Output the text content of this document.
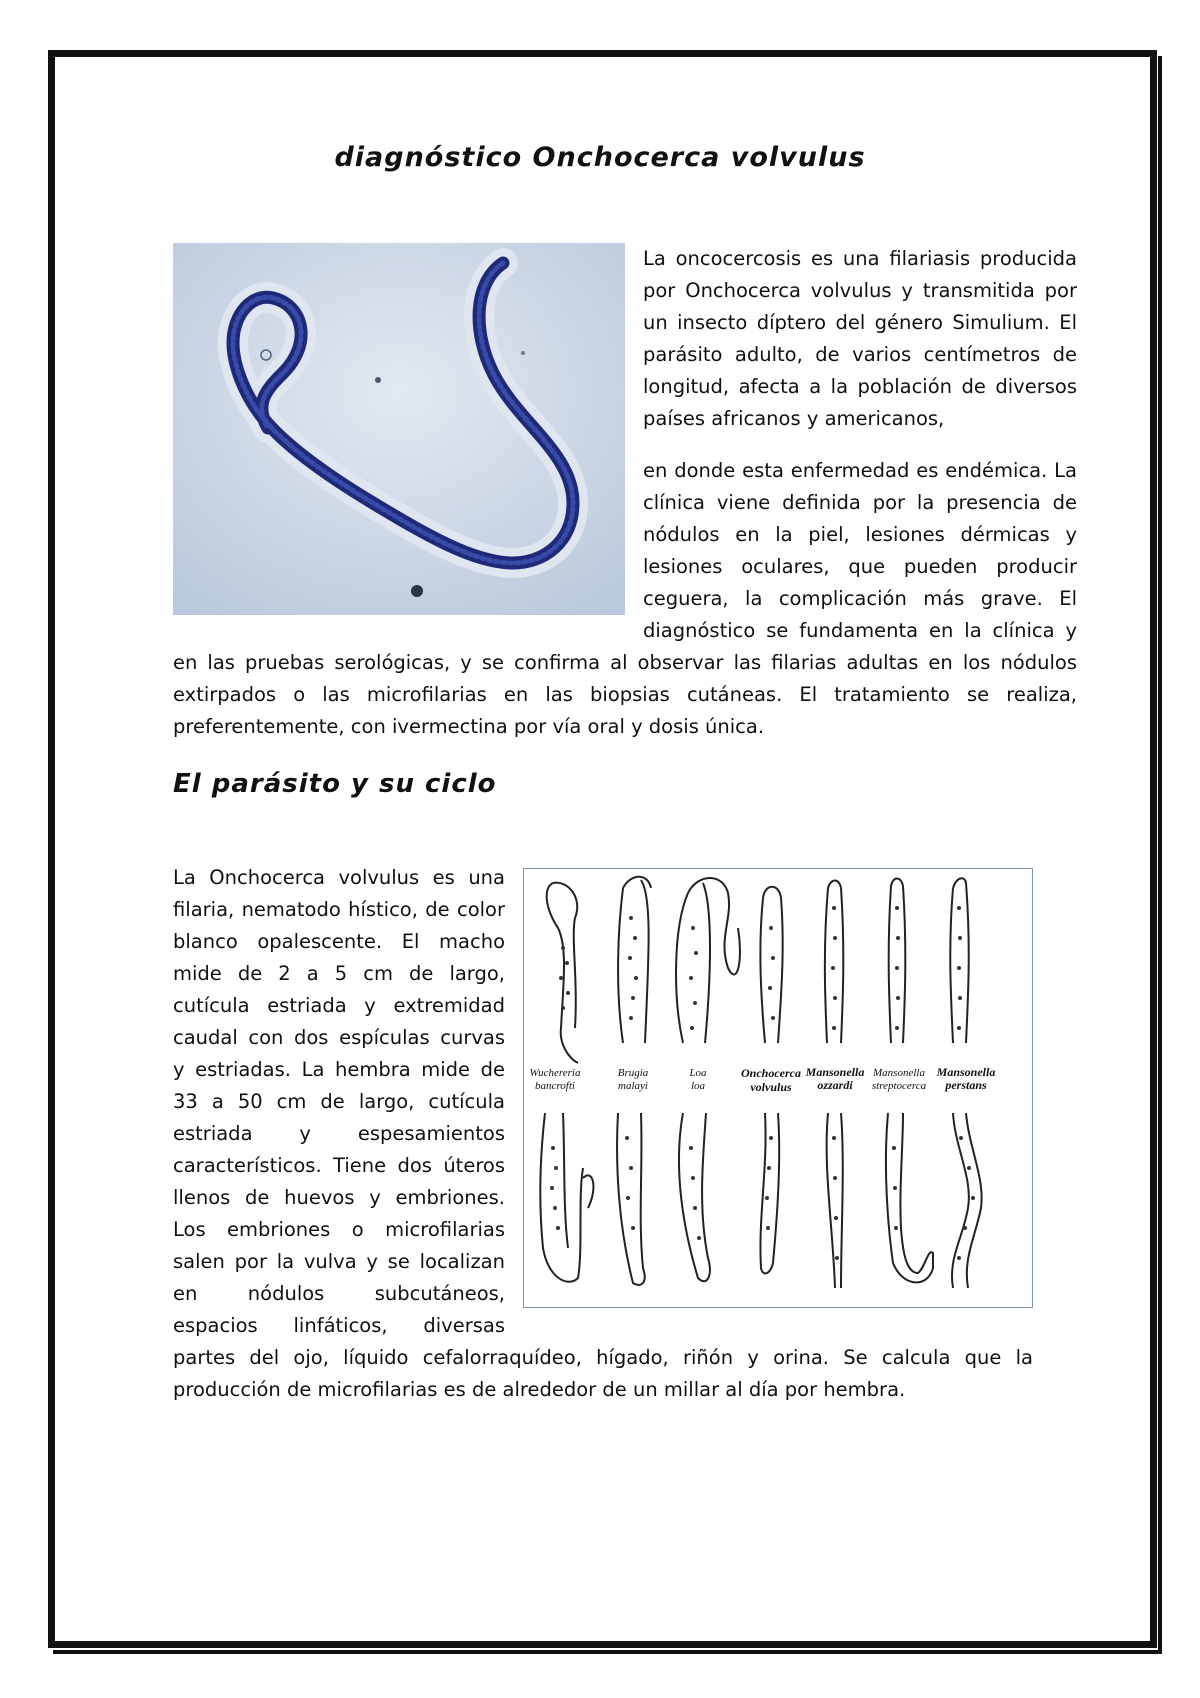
diagnóstico Onchocerca volvulus
La oncocercosis es una filariasis producida por Onchocerca volvulus y transmitida por un insecto díptero del género Simulium. El parásito adulto, de varios centímetros de longitud, afecta a la población de diversos países africanos y americanos,
en donde esta enfermedad es endémica. La clínica viene definida por la presencia de nódulos en la piel, lesiones dérmicas y lesiones oculares, que pueden producir ceguera, la complicación más grave. El diagnóstico se fundamenta en la clínica y en las pruebas serológicas, y se confirma al observar las filarias adultas en los nódulos extirpados o las microfilarias en las biopsias cutáneas. El tratamiento se realiza, preferentemente, con ivermectina por vía oral y dosis única.
El parásito y su ciclo
Wuchereria
bancrofti
Brugia
malayi
Loa
loa
Onchocerca
volvulus
Mansonella
ozzardi
Mansonella
streptocerca
Mansonella
perstans
La Onchocerca volvulus es una filaria, nematodo hístico, de color blanco opalescente. El macho mide de 2 a 5 cm de largo, cutícula estriada y extremidad caudal con dos espículas curvas y estriadas. La hembra mide de 33 a 50 cm de largo, cutícula estriada y espesamientos característicos. Tiene dos úteros llenos de huevos y embriones. Los embriones o microfilarias salen por la vulva y se localizan en nódulos subcutáneos, espacios linfáticos, diversas partes del ojo, líquido cefalorraquídeo, hígado, riñón y orina. Se calcula que la producción de microfilarias es de alrededor de un millar al día por hembra.
